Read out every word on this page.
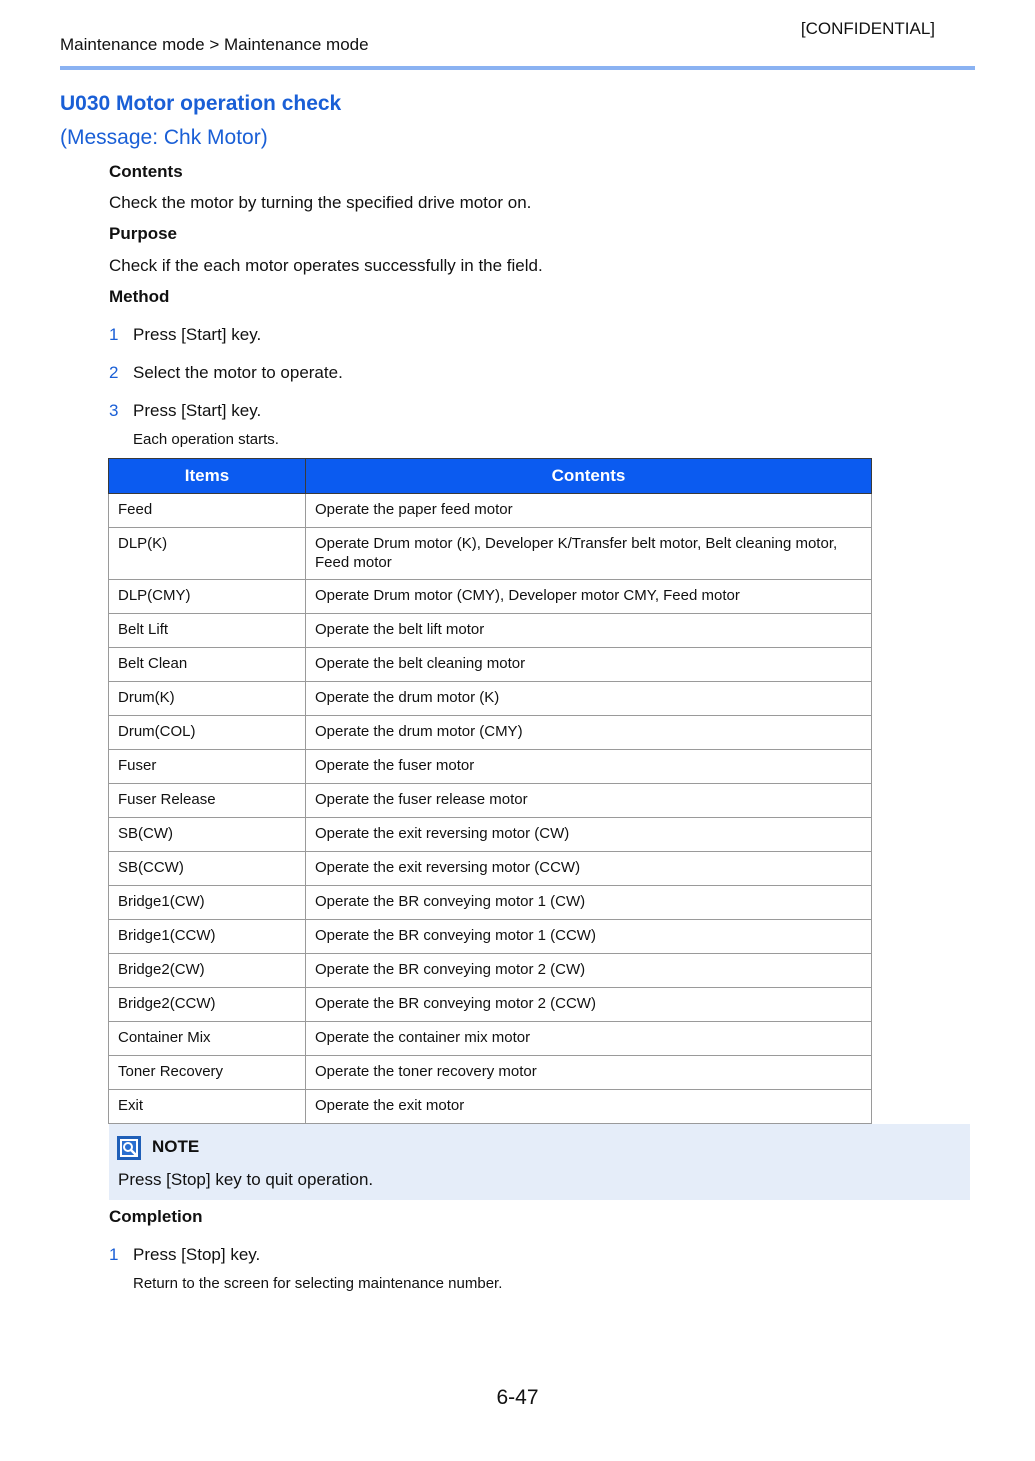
[CONFIDENTIAL]
Maintenance mode > Maintenance mode
U030 Motor operation check
(Message: Chk Motor)
Contents
Check the motor by turning the specified drive motor on.
Purpose
Check if the each motor operates successfully in the field.
Method
1 Press [Start] key.
2 Select the motor to operate.
3 Press [Start] key.
Each operation starts.
Items	Contents
Feed	Operate the paper feed motor
DLP(K)	Operate Drum motor (K), Developer K/Transfer belt motor, Belt cleaning motor, Feed motor
DLP(CMY)	Operate Drum motor (CMY), Developer motor CMY, Feed motor
Belt Lift	Operate the belt lift motor
Belt Clean	Operate the belt cleaning motor
Drum(K)	Operate the drum motor (K)
Drum(COL)	Operate the drum motor (CMY)
Fuser	Operate the fuser motor
Fuser Release	Operate the fuser release motor
SB(CW)	Operate the exit reversing motor (CW)
SB(CCW)	Operate the exit reversing motor (CCW)
Bridge1(CW)	Operate the BR conveying motor 1 (CW)
Bridge1(CCW)	Operate the BR conveying motor 1 (CCW)
Bridge2(CW)	Operate the BR conveying motor 2 (CW)
Bridge2(CCW)	Operate the BR conveying motor 2 (CCW)
Container Mix	Operate the container mix motor
Toner Recovery	Operate the toner recovery motor
Exit	Operate the exit motor
NOTE
Press [Stop] key to quit operation.
Completion
1 Press [Stop] key.
Return to the screen for selecting maintenance number.
6-47
